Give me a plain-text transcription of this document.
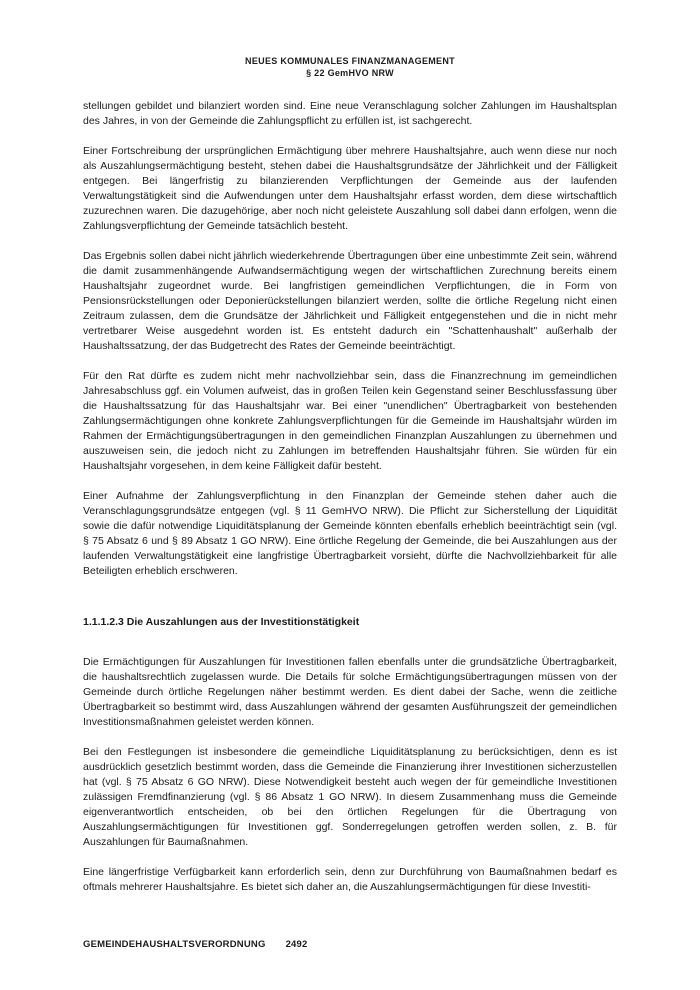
NEUES KOMMUNALES FINANZMANAGEMENT
§ 22 GemHVO NRW

stellungen gebildet und bilanziert worden sind. Eine neue Veranschlagung solcher Zahlungen im Haushaltsplan des Jahres, in von der Gemeinde die Zahlungspflicht zu erfüllen ist, ist sachgerecht.

Einer Fortschreibung der ursprünglichen Ermächtigung über mehrere Haushaltsjahre, auch wenn diese nur noch als Auszahlungsermächtigung besteht, stehen dabei die Haushaltsgrundsätze der Jährlichkeit und der Fälligkeit entgegen. Bei längerfristig zu bilanzierenden Verpflichtungen der Gemeinde aus der laufenden Verwaltungstätigkeit sind die Aufwendungen unter dem Haushaltsjahr erfasst worden, dem diese wirtschaftlich zuzurechnen waren. Die dazugehörige, aber noch nicht geleistete Auszahlung soll dabei dann erfolgen, wenn die Zahlungsverpflichtung der Gemeinde tatsächlich besteht.

Das Ergebnis sollen dabei nicht jährlich wiederkehrende Übertragungen über eine unbestimmte Zeit sein, während die damit zusammenhängende Aufwandsermächtigung wegen der wirtschaftlichen Zurechnung bereits einem Haushaltsjahr zugeordnet wurde. Bei langfristigen gemeindlichen Verpflichtungen, die in Form von Pensionsrückstellungen oder Deponierückstellungen bilanziert werden, sollte die örtliche Regelung nicht einen Zeitraum zulassen, dem die Grundsätze der Jährlichkeit und Fälligkeit entgegenstehen und die in nicht mehr vertretbarer Weise ausgedehnt worden ist. Es entsteht dadurch ein "Schattenhaushalt" außerhalb der Haushaltssatzung, der das Budgetrecht des Rates der Gemeinde beeinträchtigt.

Für den Rat dürfte es zudem nicht mehr nachvollziehbar sein, dass die Finanzrechnung im gemeindlichen Jahresabschluss ggf. ein Volumen aufweist, das in großen Teilen kein Gegenstand seiner Beschlussfassung über die Haushaltssatzung für das Haushaltsjahr war. Bei einer "unendlichen" Übertragbarkeit von bestehenden Zahlungsermächtigungen ohne konkrete Zahlungsverpflichtungen für die Gemeinde im Haushaltsjahr würden im Rahmen der Ermächtigungsübertragungen in den gemeindlichen Finanzplan Auszahlungen zu übernehmen und auszuweisen sein, die jedoch nicht zu Zahlungen im betreffenden Haushaltsjahr führen. Sie würden für ein Haushaltsjahr vorgesehen, in dem keine Fälligkeit dafür besteht.

Einer Aufnahme der Zahlungsverpflichtung in den Finanzplan der Gemeinde stehen daher auch die Veranschlagungsgrundsätze entgegen (vgl. § 11 GemHVO NRW). Die Pflicht zur Sicherstellung der Liquidität sowie die dafür notwendige Liquiditätsplanung der Gemeinde könnten ebenfalls erheblich beeinträchtigt sein (vgl. § 75 Absatz 6 und § 89 Absatz 1 GO NRW). Eine örtliche Regelung der Gemeinde, die bei Auszahlungen aus der laufenden Verwaltungstätigkeit eine langfristige Übertragbarkeit vorsieht, dürfte die Nachvollziehbarkeit für alle Beteiligten erheblich erschweren.

1.1.1.2.3 Die Auszahlungen aus der Investitionstätigkeit

Die Ermächtigungen für Auszahlungen für Investitionen fallen ebenfalls unter die grundsätzliche Übertragbarkeit, die haushaltsrechtlich zugelassen wurde. Die Details für solche Ermächtigungsübertragungen müssen von der Gemeinde durch örtliche Regelungen näher bestimmt werden. Es dient dabei der Sache, wenn die zeitliche Übertragbarkeit so bestimmt wird, dass Auszahlungen während der gesamten Ausführungszeit der gemeindlichen Investitionsmaßnahmen geleistet werden können.

Bei den Festlegungen ist insbesondere die gemeindliche Liquiditätsplanung zu berücksichtigen, denn es ist ausdrücklich gesetzlich bestimmt worden, dass die Gemeinde die Finanzierung ihrer Investitionen sicherzustellen hat (vgl. § 75 Absatz 6 GO NRW). Diese Notwendigkeit besteht auch wegen der für gemeindliche Investitionen zulässigen Fremdfinanzierung (vgl. § 86 Absatz 1 GO NRW). In diesem Zusammenhang muss die Gemeinde eigenverantwortlich entscheiden, ob bei den örtlichen Regelungen für die Übertragung von Auszahlungsermächtigungen für Investitionen ggf. Sonderregelungen getroffen werden sollen, z. B. für Auszahlungen für Baumaßnahmen.

Eine längerfristige Verfügbarkeit kann erforderlich sein, denn zur Durchführung von Baumaßnahmen bedarf es oftmals mehrerer Haushaltsjahre. Es bietet sich daher an, die Auszahlungsermächtigungen für diese Investiti-

GEMEINDEHAUSHALTSVERORDNUNG 2492
